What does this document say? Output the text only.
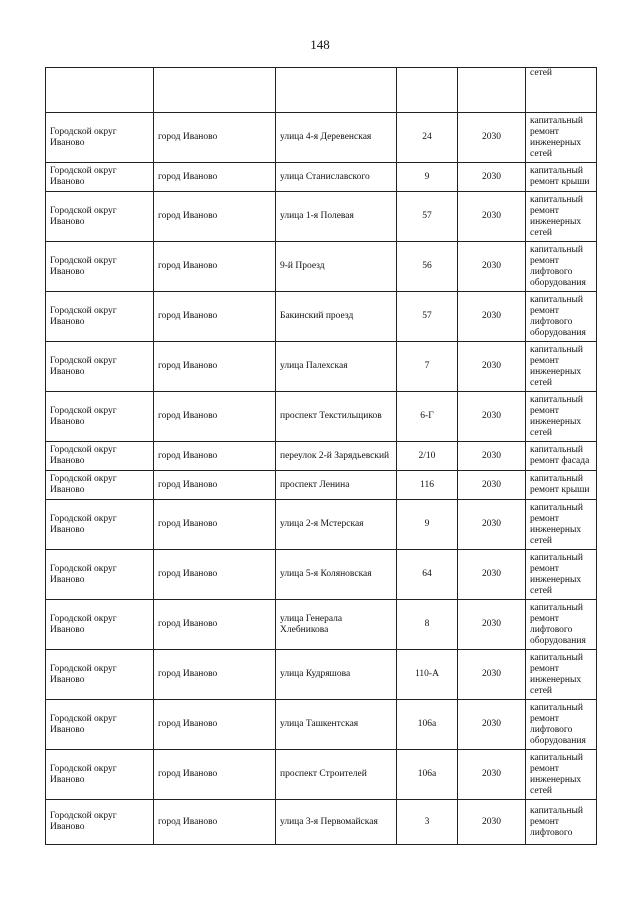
148
					сетей
Городской округ Иваново	город Иваново	улица 4-я Деревенская	24	2030	капитальный ремонт инженерных сетей
Городской округ Иваново	город Иваново	улица Станиславского	9	2030	капитальный ремонт крыши
Городской округ Иваново	город Иваново	улица 1-я Полевая	57	2030	капитальный ремонт инженерных сетей
Городской округ Иваново	город Иваново	9-й Проезд	56	2030	капитальный ремонт лифтового оборудования
Городской округ Иваново	город Иваново	Бакинский проезд	57	2030	капитальный ремонт лифтового оборудования
Городской округ Иваново	город Иваново	улица Палехская	7	2030	капитальный ремонт инженерных сетей
Городской округ Иваново	город Иваново	проспект Текстильщиков	6-Г	2030	капитальный ремонт инженерных сетей
Городской округ Иваново	город Иваново	переулок 2-й Зарядьевский	2/10	2030	капитальный ремонт фасада
Городской округ Иваново	город Иваново	проспект Ленина	116	2030	капитальный ремонт крыши
Городской округ Иваново	город Иваново	улица 2-я Мстерская	9	2030	капитальный ремонт инженерных сетей
Городской округ Иваново	город Иваново	улица 5-я Коляновская	64	2030	капитальный ремонт инженерных сетей
Городской округ Иваново	город Иваново	улица Генерала Хлебникова	8	2030	капитальный ремонт лифтового оборудования
Городской округ Иваново	город Иваново	улица Кудряшова	110-А	2030	капитальный ремонт инженерных сетей
Городской округ Иваново	город Иваново	улица Ташкентская	106а	2030	капитальный ремонт лифтового оборудования
Городской округ Иваново	город Иваново	проспект Строителей	106а	2030	капитальный ремонт инженерных сетей
Городской округ Иваново	город Иваново	улица 3-я Первомайская	3	2030	капитальный ремонт лифтового
